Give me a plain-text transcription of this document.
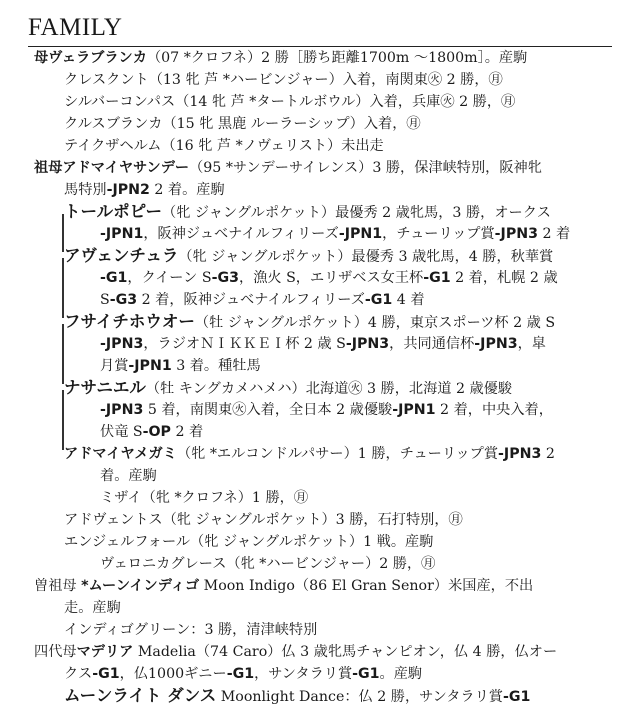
FAMILY
母ヴェラブランカ（07 *クロフネ）2 勝［勝ち距離1700m 〜1800m］。産駒
クレスクント（13 牝 芦 *ハービンジャー）入着，南関東㊋ 2 勝，㊊
シルバーコンパス（14 牝 芦 *タートルボウル）入着，兵庫㊋ 2 勝，㊊
クルスブランカ（15 牝 黒鹿 ルーラーシップ）入着，㊊
テイクザヘルム（16 牝 芦 *ノヴェリスト）未出走
祖母アドマイヤサンデー（95 *サンデーサイレンス）3 勝，保津峡特別，阪神牝
馬特別-JPN2 2 着。産駒
トールポピー（牝 ジャングルポケット）最優秀 2 歳牝馬，3 勝，オークス
-JPN1，阪神ジュベナイルフィリーズ-JPN1，チューリップ賞-JPN3 2 着
アヴェンチュラ（牝 ジャングルポケット）最優秀 3 歳牝馬，4 勝，秋華賞
-G1，クイーン S-G3，漁火 S，エリザベス女王杯-G1 2 着，札幌 2 歳
S-G3 2 着，阪神ジュベナイルフィリーズ-G1 4 着
フサイチホウオー（牡 ジャングルポケット）4 勝，東京スポーツ杯 2 歳 S
-JPN3，ラジオＮＩＫＫＥＩ杯 2 歳 S-JPN3，共同通信杯-JPN3，皐
月賞-JPN1 3 着。種牡馬
ナサニエル（牡 キングカメハメハ）北海道㊋ 3 勝，北海道 2 歳優駿
-JPN3 5 着，南関東㊋入着，全日本 2 歳優駿-JPN1 2 着，中央入着，
伏竜 S-OP 2 着
アドマイヤメガミ（牝 *エルコンドルパサー）1 勝，チューリップ賞-JPN3 2
着。産駒
ミザイ（牝 *クロフネ）1 勝，㊊
アドヴェントス（牝 ジャングルポケット）3 勝，石打特別，㊊
エンジェルフォール（牝 ジャングルポケット）1 戦。産駒
ヴェロニカグレース（牝 *ハービンジャー）2 勝，㊊
曽祖母 *ムーンインディゴ Moon Indigo（86 El Gran Senor）米国産，不出
走。産駒
インディゴグリーン：3 勝，清津峡特別
四代母マデリア Madelia（74 Caro）仏 3 歳牝馬チャンピオン，仏 4 勝，仏オー
クス-G1，仏1000ギニー-G1，サンタラリ賞-G1。産駒
ムーンライト ダンス Moonlight Dance：仏 2 勝，サンタラリ賞-G1
